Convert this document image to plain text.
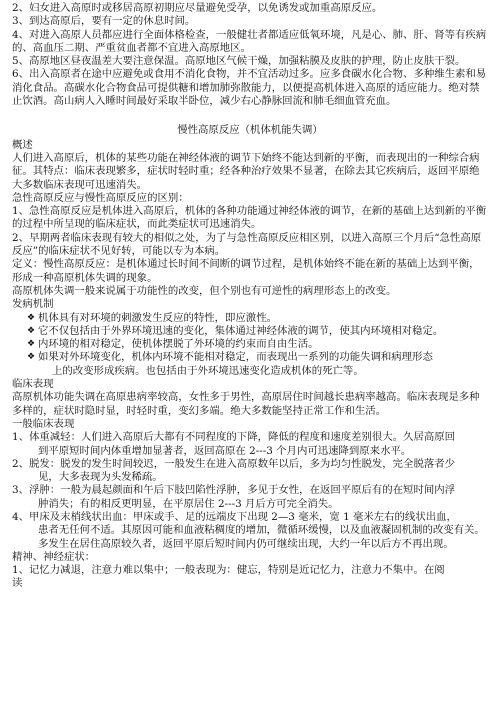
2、妇女进入高原时或移居高原初期应尽量避免受孕，以免诱发或加重高原反应。

3、到达高原后，要有一定的休息时间。

4、对进入高原人员都应进行全面体格检查，一般健壮者都适应低氧环境，凡是心、肺、肝、肾等有疾病的、高血压二期、严重贫血者都不宜进入高原地区。

5、高原地区昼夜温差大要注意保温。高原地区气候干燥，加强粘膜及皮肤的护理，防止皮肤干裂。

6、出入高原者在途中应避免或食用不消化食物，并不宜活动过多。应多食碳水化合物、多种维生素和易消化食品。高碳水化合物食品可提供糖和增加肺弥散能力，以便提高机体进入高原的适应能力。绝对禁止饮酒。高山病人入睡时间最好采取半卧位，减少右心静脉回流和肺毛细血管充血。

慢性高原反应（机体机能失调）

概述

人们进入高原后，机体的某些功能在神经体液的调节下始终不能达到新的平衡，而表现出的一种综合病征。其特点：临床表现繁多，症状时轻时重；经各种治疗效果不显著，在除去其它疾病后，返回平原绝大多数临床表现可迅速消失。

急性高原反应与慢性高原反应的区别：

1、急性高原反应是机体进入高原后，机体的各种功能通过神经体液的调节，在新的基础上达到新的平衡的过程中所呈现的临床症状，而此类症状可迅速消失。

2、早期两者临床表现有较大的相似之处，为了与急性高原反应相区别，以进入高原三个月后“急性高原反应”的临床症状不见好转，可能以专为本病。

定义：慢性高原反应：是机体通过长时间不间断的调节过程，是机体始终不能在新的基础上达到平衡，形成一种高原机体失调的现象。

高原机体失调一般来说属于功能性的改变，但个别也有可逆性的病理形态上的改变。

发病机制

❖ 机体具有对环境的刺激发生反应的特性，即应激性。

❖ 它不仅包括由于外界环境迅速的变化，集体通过神经体液的调节，使其内环境相对稳定。

❖ 内环境的相对稳定，使机体摆脱了外环境的约束而自由生活。

❖ 如果对外环境变化，机体内环境不能相对稳定，而表现出一系列的功能失调和病理形态

上的改变形成疾病。也包括由于外环境迅速变化造成机体的死亡等。

临床表现

高原机体功能失调在高原患病率较高，女性多于男性，高原居住时间越长患病率越高。临床表现是多种多样的，症状时隐时显，时轻时重，变幻多端。绝大多数能坚持正常工作和生活。

一般临床表现

1、体重减轻：人们进入高原后大都有不同程度的下降，降低的程度和速度差别很大。久居高原回

到平原短时间内体重增加显著者，返回高原在 2---3 个月内可迅速降到原来水平。

2、脱发：脱发的发生时间较迟，一般发生在进入高原数年以后，多为均匀性脱发，完全脱落者少

见，大多表现为头发稀疏。

3、浮肿：一般为晨起颜面和午后下肢凹陷性浮肿，多见于女性，在返回平原后有的在短时间内浮

肿消失；有的相反更明显，在平原居住 2---3 月后方可完全消失。

4、甲床及末梢线状出血：甲床或手、足的远端皮下出现 2—3 毫米，宽 1 毫米左右的线状出血，

患者无任何不适。其原因可能和血液粘稠度的增加，微循环缓慢，以及血液凝固机制的改变有关。

多发生在居住高原较久者，返回平原后短时间内仍可继续出现，大约一年以后方不再出现。

精神、神经症状：

1、记忆力减退，注意力难以集中；一般表现为：健忘，特别是近记忆力，注意力不集中。在阅

读
